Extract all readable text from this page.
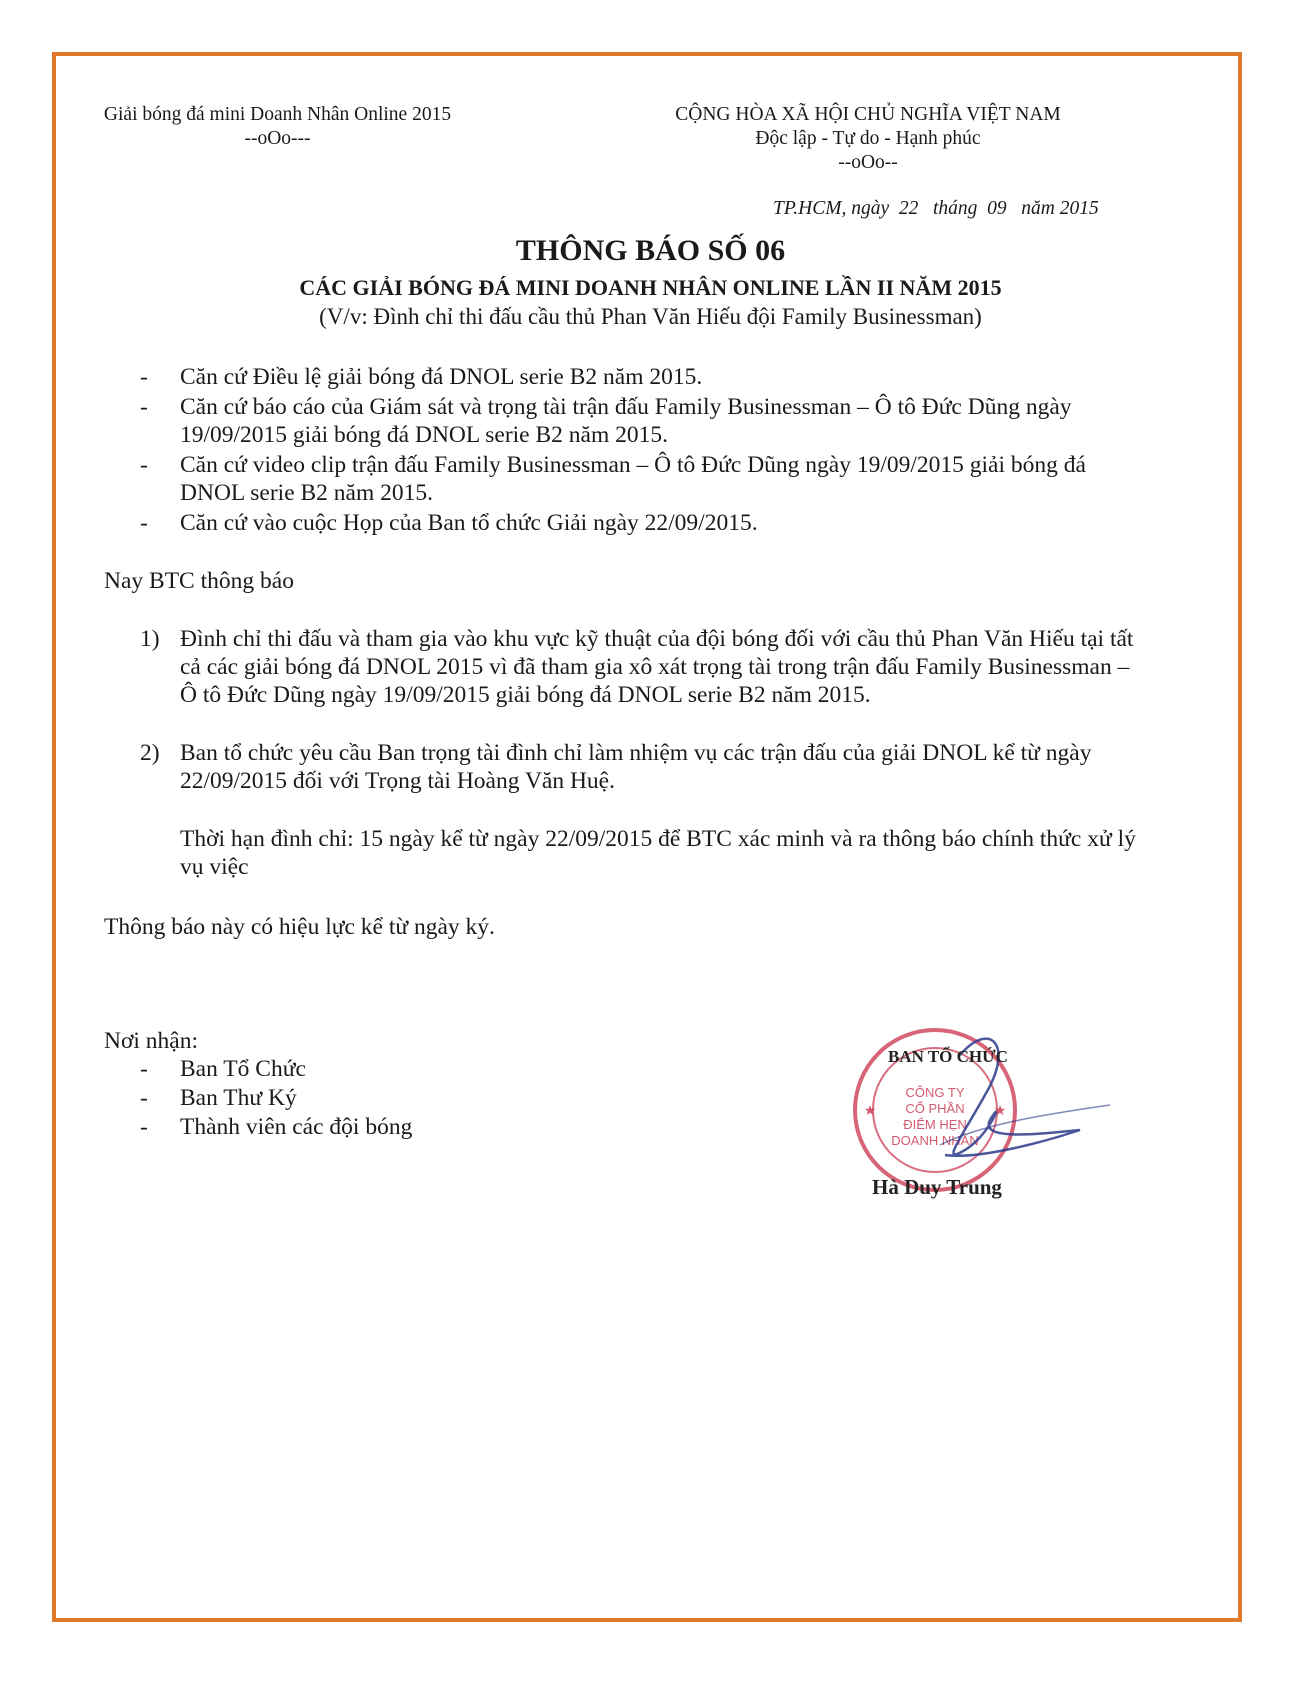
Giải bóng đá mini Doanh Nhân Online 2015
--oOo---
CỘNG HÒA XÃ HỘI CHỦ NGHĨA VIỆT NAM
Độc lập - Tự do - Hạnh phúc
--oOo--
TP.HCM, ngày  22   tháng  09   năm 2015
THÔNG BÁO SỐ 06
CÁC GIẢI BÓNG ĐÁ MINI DOANH NHÂN ONLINE LẦN II NĂM 2015
(V/v: Đình chỉ thi đấu cầu thủ Phan Văn Hiếu đội Family Businessman)
- Căn cứ Điều lệ giải bóng đá DNOL serie B2 năm 2015.
- Căn cứ báo cáo của Giám sát và trọng tài trận đấu Family Businessman – Ô tô Đức Dũng ngày
19/09/2015 giải bóng đá DNOL serie B2 năm 2015.
- Căn cứ video clip trận đấu Family Businessman – Ô tô Đức Dũng ngày 19/09/2015 giải bóng đá
DNOL serie B2 năm 2015.
- Căn cứ vào cuộc Họp của Ban tổ chức Giải ngày 22/09/2015.
Nay BTC thông báo
1) Đình chỉ thi đấu và tham gia vào khu vực kỹ thuật của đội bóng đối với cầu thủ Phan Văn Hiếu tại tất
cả các giải bóng đá DNOL 2015 vì đã tham gia xô xát trọng tài trong trận đấu Family Businessman –
Ô tô Đức Dũng ngày 19/09/2015 giải bóng đá DNOL serie B2 năm 2015.
2) Ban tổ chức yêu cầu Ban trọng tài đình chỉ làm nhiệm vụ các trận đấu của giải DNOL kể từ ngày
22/09/2015 đối với Trọng tài Hoàng Văn Huệ.
Thời hạn đình chỉ: 15 ngày kể từ ngày 22/09/2015 để BTC xác minh và ra thông báo chính thức xử lý
vụ việc
Thông báo này có hiệu lực kể từ ngày ký.
Nơi nhận:
- Ban Tổ Chức
- Ban Thư Ký
- Thành viên các đội bóng
CÔNG TY
CỔ PHẦN
ĐIỂM HẸN
DOANH NHÂN
★	★
BAN TỔ CHỨC
Hà Duy Trung
